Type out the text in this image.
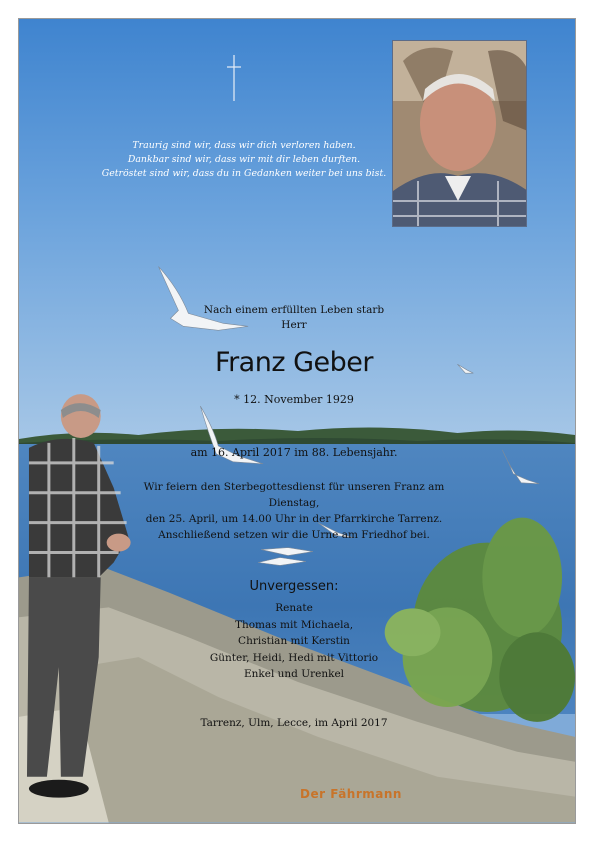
Traurig sind wir, dass wir dich verloren haben.
Dankbar sind wir, dass wir mit dir leben durften.
Getröstet sind wir, dass du in Gedanken weiter bei uns bist.
Nach einem erfüllten Leben starb
Herr
Franz Geber
* 12. November 1929
am 16. April 2017 im 88. Lebensjahr.
Wir feiern den Sterbegottesdienst für unseren Franz am Dienstag,
den 25. April, um 14.00 Uhr in der Pfarrkirche Tarrenz.
Anschließend setzen wir die Urne am Friedhof bei.
Unvergessen:
Renate
Thomas mit Michaela,
Christian mit Kerstin
Günter, Heidi, Hedi mit Vittorio
Enkel und Urenkel
Tarrenz, Ulm, Lecce, im April 2017
Der Fährmann
